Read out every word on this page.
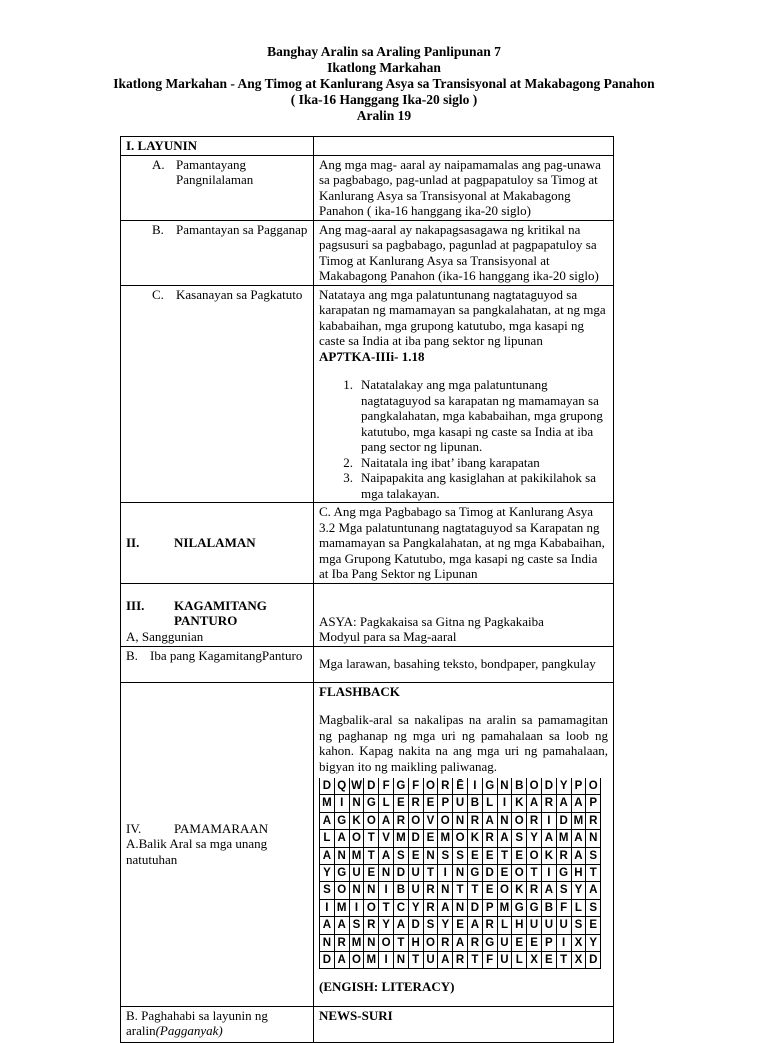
Banghay Aralin sa Araling Panlipunan 7
Ikatlong Markahan
Ikatlong Markahan - Ang Timog at Kanlurang Asya sa Transisyonal at Makabagong Panahon
( Ika-16 Hanggang Ika-20 siglo )
Aralin 19
I. LAYUNIN	

A. Pamantayang Pangnilalaman
	Ang mga mag- aaral ay naipamamalas ang pag-unawa sa pagbabago, pag-unlad at pagpapatuloy sa Timog at Kanlurang Asya sa Transisyonal at Makabagong Panahon ( ika-16 hanggang ika-20 siglo)

B. Pamantayan sa Pagganap	Ang mag-aaral ay nakapagsasagawa ng kritikal na pagsusuri sa pagbabago, pagunlad at pagpapatuloy sa Timog at Kanlurang Asya sa Transisyonal at Makabagong Panahon (ika-16 hanggang ika-20 siglo)

C. Kasanayan sa Pagkatuto	Natataya ang mga palatuntunang nagtataguyod sa karapatan ng mamamayan sa pangkalahatan, at ng mga kababaihan, mga grupong katutubo, mga kasapi ng caste sa India at iba pang sektor ng lipunan
AP7TKA-IIIi- 1.18
1. Natatalakay ang mga palatuntunang nagtataguyod sa karapatan ng mamamayan sa pangkalahatan, mga kababaihan, mga grupong katutubo, mga kasapi ng caste sa India at iba pang sector ng lipunan.
2. Naitatala ing ibat’ ibang karapatan
3. Naipapakita ang kasiglahan at pakikilahok sa mga talakayan.

II.	NILALAMAN
	C. Ang mga Pagbabago sa Timog at Kanlurang Asya 3.2 Mga palatuntunang nagtataguyod sa Karapatan ng mamamayan sa Pangkalahatan, at ng mga Kababaihan, mga Grupong Katutubo, mga kasapi ng caste sa India at Iba Pang Sektor ng Lipunan

III.	KAGAMITANG PANTURO
A, Sanggunian

ASYA: Pagkakaisa sa Gitna ng Pagkakaiba
Modyul para sa Mag-aaral

B. Iba pang KagamitangPanturo
	Mga larawan, basahing teksto, bondpaper, pangkulay

IV.	PAMAMARAAN
A.Balik Aral sa mga unang natutuhan

FLASHBACK
Magbalik-aral sa nakalipas na aralin sa pamamagitan ng paghanap ng mga uri ng pamahalaan sa loob ng kahon. Kapag nakita na ang mga uri ng pamahalaan, bigyan ito ng maikling paliwanag.
D	Q	W	D	F	G	F	O	R	Ē	I	G	N	B	O	D	Y	P	O
M	I	N	G	L	E	R	E	P	U	B	L	I	K	A	R	A	A	P
A	G	K	O	A	R	O	V	O	N	R	A	N	O	R	I	D	M	R
L	A	O	T	V	M	D	E	M	O	K	R	A	S	Y	A	M	A	N
A	N	M	T	A	S	E	N	S	S	E	E	T	E	O	K	R	A	S
Y	G	U	E	N	D	U	T	I	N	G	D	E	O	T	I	G	H	T
S	O	N	N	I	B	U	R	N	T	T	E	O	K	R	A	S	Y	A
I	M	I	O	T	C	Y	R	A	N	D	P	M	G	G	B	F	L	S
A	A	S	R	Y	A	D	S	Y	E	A	R	L	H	U	U	U	S	E
N	R	M	N	O	T	H	O	R	A	R	G	U	E	E	P	I	X	Y
D	A	O	M	I	N	T	U	A	R	T	F	U	L	X	E	T	X	D
(ENGISH: LITERACY)

B. Paghahabi sa layunin ng aralin(Pagganyak)
	NEWS-SURI
